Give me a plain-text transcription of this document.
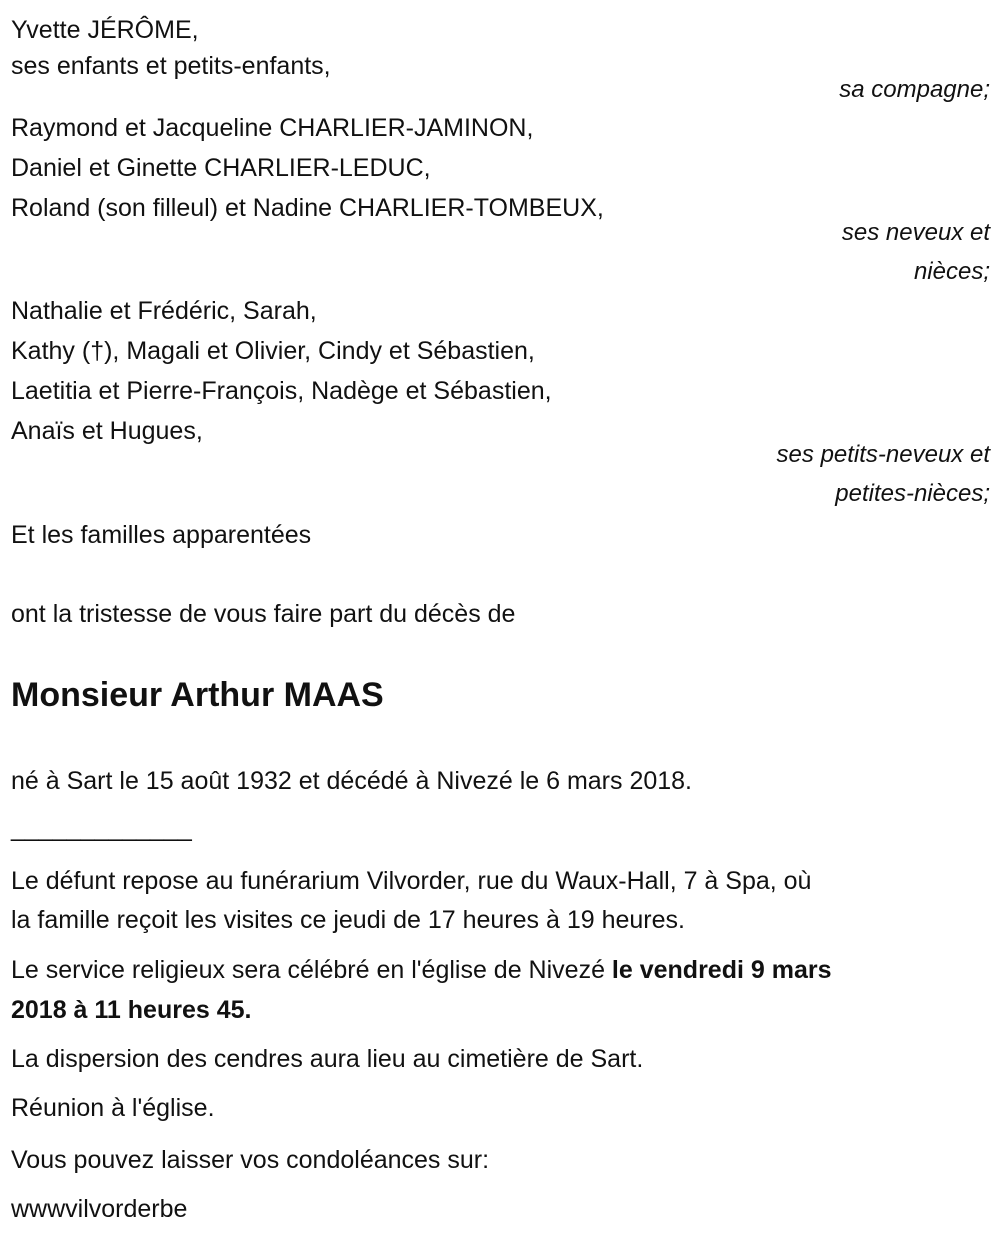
Yvette JÉRÔME,
ses enfants et petits-enfants,
sa compagne;
Raymond et Jacqueline CHARLIER-JAMINON,
Daniel et Ginette CHARLIER-LEDUC,
Roland (son filleul) et Nadine CHARLIER-TOMBEUX,
ses neveux et
nièces;
Nathalie et Frédéric, Sarah,
Kathy (†), Magali et Olivier, Cindy et Sébastien,
Laetitia et Pierre-François, Nadège et Sébastien,
Anaïs et Hugues,
ses petits-neveux et
petites-nièces;
Et les familles apparentées
ont la tristesse de vous faire part du décès de
Monsieur Arthur MAAS
né à Sart le 15 août 1932 et décédé à Nivezé le 6 mars 2018.
_____________
Le défunt repose au funérarium Vilvorder, rue du Waux-Hall, 7 à Spa, où
la famille reçoit les visites ce jeudi de 17 heures à 19 heures.
Le service religieux sera célébré en l'église de Nivezé le vendredi 9 mars
2018 à 11 heures 45.
La dispersion des cendres aura lieu au cimetière de Sart.
Réunion à l'église.
Vous pouvez laisser vos condoléances sur:
wwwvilvorderbe
